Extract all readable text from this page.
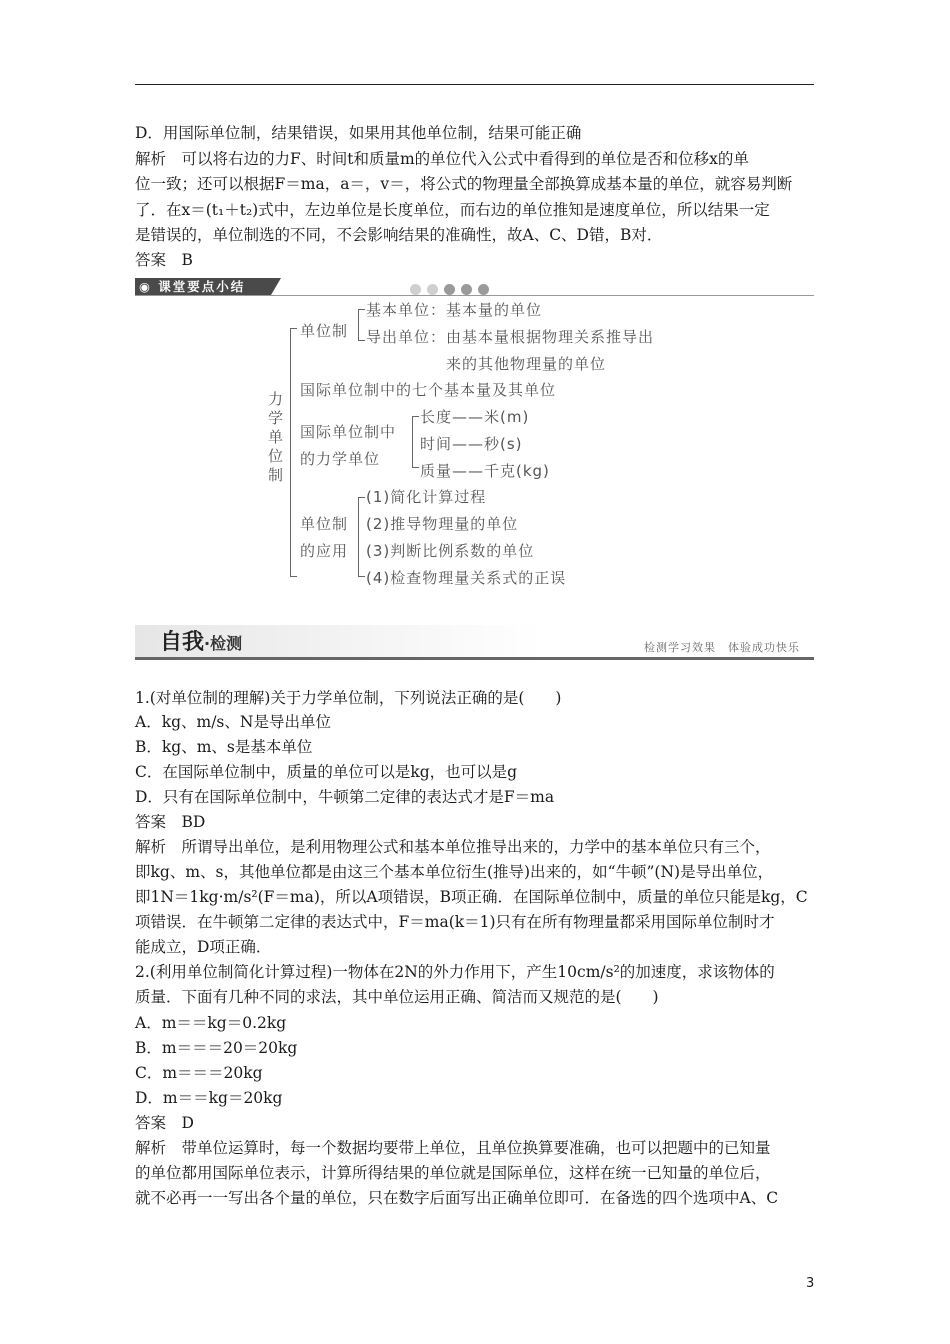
D．用国际单位制，结果错误，如果用其他单位制，结果可能正确
解析　可以将右边的力F、时间t和质量m的单位代入公式中看得到的单位是否和位移x的单
位一致；还可以根据F＝ma，a＝，v＝，将公式的物理量全部换算成基本量的单位，就容易判断
了．在x＝(t₁＋t₂)式中，左边单位是长度单位，而右边的单位推知是速度单位，所以结果一定
是错误的，单位制选的不同，不会影响结果的准确性，故A、C、D错，B对．
答案　B
◉ 课堂要点小结
力学单位制
单位制
基本单位：基本量的单位
导出单位：由基本量根据物理关系推导出
来的其他物理量的单位
国际单位制中的七个基本量及其单位
国际单位制中
的力学单位
长度——米(m)
时间——秒(s)
质量——千克(kg)
单位制
的应用
(1)简化计算过程
(2)推导物理量的单位
(3)判断比例系数的单位
(4)检查物理量关系式的正误
自我·检测	检测学习效果　体验成功快乐
1.(对单位制的理解)关于力学单位制，下列说法正确的是(　　)
A．kg、m/s、N是导出单位
B．kg、m、s是基本单位
C．在国际单位制中，质量的单位可以是kg，也可以是g
D．只有在国际单位制中，牛顿第二定律的表达式才是F＝ma
答案　BD
解析　所谓导出单位，是利用物理公式和基本单位推导出来的，力学中的基本单位只有三个，
即kg、m、s，其他单位都是由这三个基本单位衍生(推导)出来的，如“牛顿”(N)是导出单位，
即1N＝1kg·m/s²(F＝ma)，所以A项错误，B项正确．在国际单位制中，质量的单位只能是kg，C
项错误．在牛顿第二定律的表达式中，F＝ma(k＝1)只有在所有物理量都采用国际单位制时才
能成立，D项正确．
2.(利用单位制简化计算过程)一物体在2N的外力作用下，产生10cm/s²的加速度，求该物体的
质量．下面有几种不同的求法，其中单位运用正确、简洁而又规范的是(　　)
A．m＝＝kg＝0.2kg
B．m＝＝＝20＝20kg
C．m＝＝＝20kg
D．m＝＝kg＝20kg
答案　D
解析　带单位运算时，每一个数据均要带上单位，且单位换算要准确，也可以把题中的已知量
的单位都用国际单位表示，计算所得结果的单位就是国际单位，这样在统一已知量的单位后，
就不必再一一写出各个量的单位，只在数字后面写出正确单位即可．在备选的四个选项中A、C
3
